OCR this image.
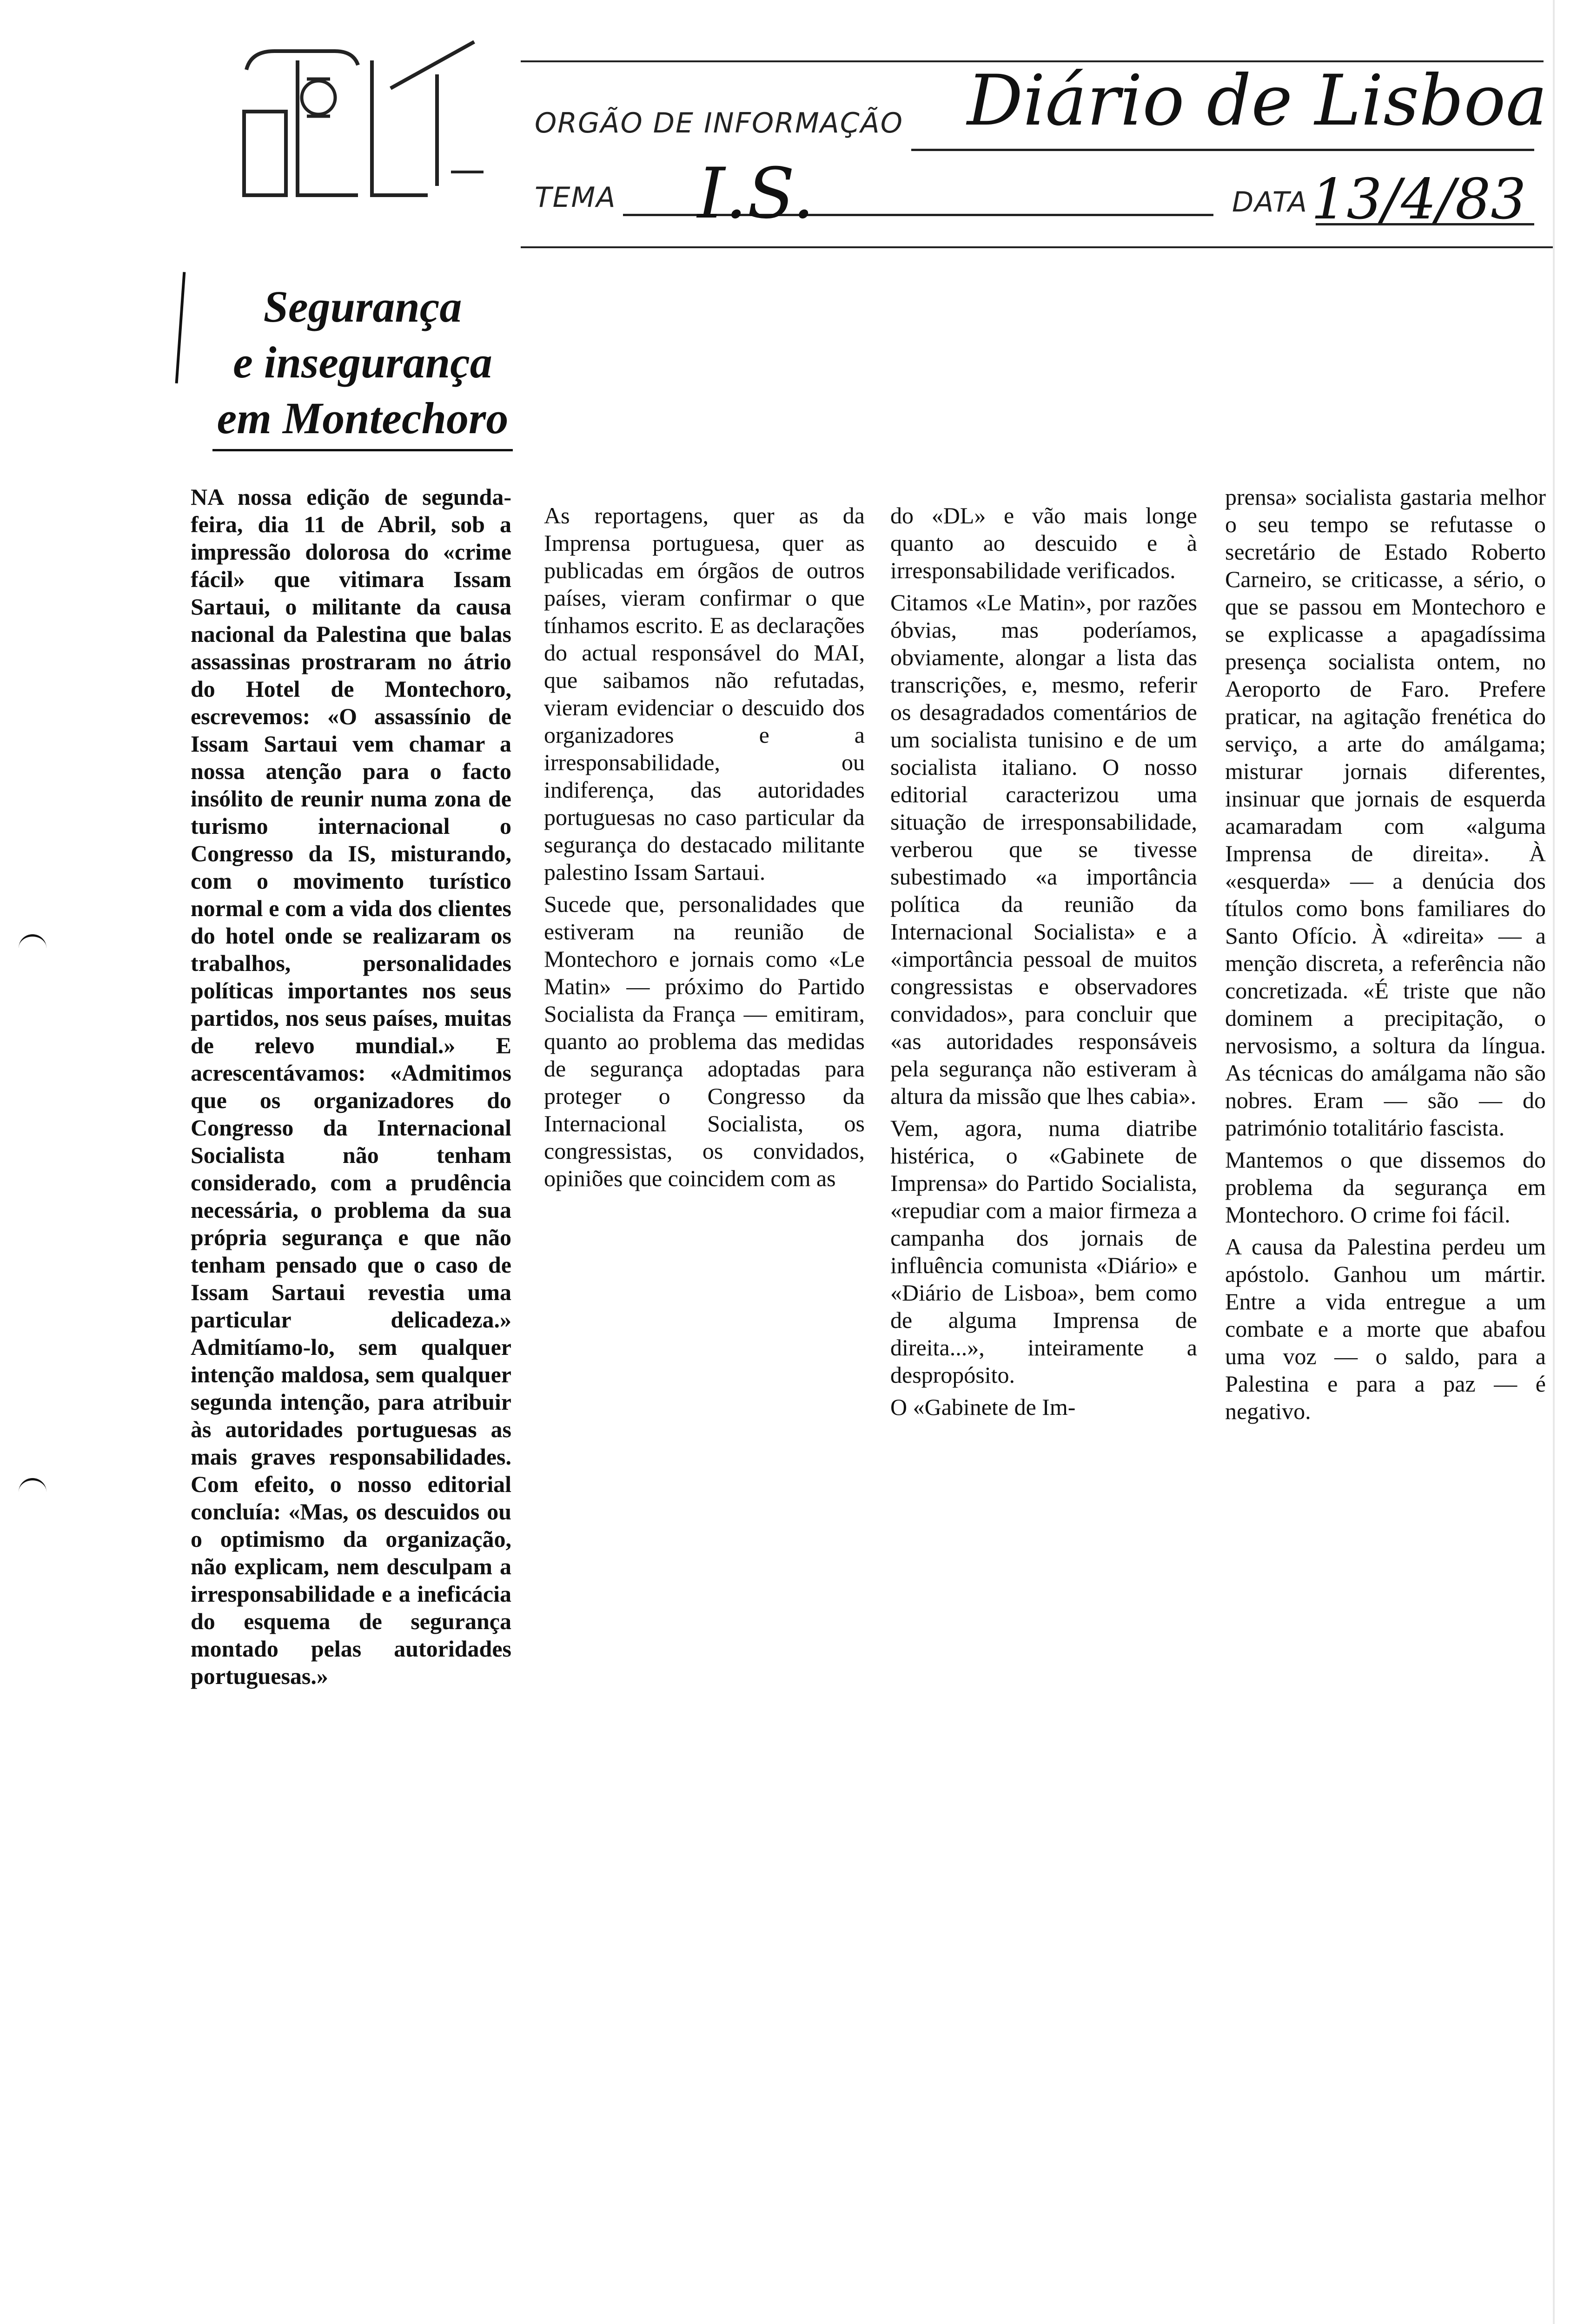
ORGÃO DE INFORMAÇÃO Diário de Lisboa
TEMA I.S.	DATA 13/4/83
Segurança
e insegurança
em Montechoro

NA nossa edição de segunda-feira, dia 11 de Abril, sob a impressão dolorosa do «crime fácil» que vitimara Issam Sartaui, o militante da causa nacional da Palestina que balas assassinas prostraram no átrio do Hotel de Montechoro, escrevemos: «O assassínio de Issam Sartaui vem chamar a nossa atenção para o facto insólito de reunir numa zona de turismo internacional o Congresso da IS, misturando, com o movimento turístico normal e com a vida dos clientes do hotel onde se realizaram os trabalhos, personalidades políticas importantes nos seus partidos, nos seus países, muitas de relevo mundial.» E acrescentávamos: «Admitimos que os organizadores do Congresso da Internacional Socialista não tenham considerado, com a prudência necessária, o problema da sua própria segurança e que não tenham pensado que o caso de Issam Sartaui revestia uma particular delicadeza.» Admitíamo-lo, sem qualquer intenção maldosa, sem qualquer segunda intenção, para atribuir às autoridades portuguesas as mais graves responsabilidades. Com efeito, o nosso editorial concluía: «Mas, os descuidos ou o optimismo da organização, não explicam, nem desculpam a irresponsabilidade e a ineficácia do esquema de segurança montado pelas autoridades portuguesas.»

As reportagens, quer as da Imprensa portuguesa, quer as publicadas em órgãos de outros países, vieram confirmar o que tínhamos escrito. E as declarações do actual responsável do MAI, que saibamos não refutadas, vieram evidenciar o descuido dos organizadores e a irresponsabilidade, ou indiferença, das autoridades portuguesas no caso particular da segurança do destacado militante palestino Issam Sartaui.

Sucede que, personalidades que estiveram na reunião de Montechoro e jornais como «Le Matin» — próximo do Partido Socialista da França — emitiram, quanto ao problema das medidas de segurança adoptadas para proteger o Congresso da Internacional Socialista, os congressistas, os convidados, opiniões que coincidem com as

do «DL» e vão mais longe quanto ao descuido e à irresponsabilidade verificados.

Citamos «Le Matin», por razões óbvias, mas poderíamos, obviamente, alongar a lista das transcrições, e, mesmo, referir os desagradados comentários de um socialista tunisino e de um socialista italiano. O nosso editorial caracterizou uma situação de irresponsabilidade, verberou que se tivesse subestimado «a importância política da reunião da Internacional Socialista» e a «importância pessoal de muitos congressistas e observadores convidados», para concluir que «as autoridades responsáveis pela segurança não estiveram à altura da missão que lhes cabia».

Vem, agora, numa diatribe histérica, o «Gabinete de Imprensa» do Partido Socialista, «repudiar com a maior firmeza a campanha dos jornais de influência comunista «Diário» e «Diário de Lisboa», bem como de alguma Imprensa de direita...», inteiramente a despropósito.

O «Gabinete de Im-

prensa» socialista gastaria melhor o seu tempo se refutasse o secretário de Estado Roberto Carneiro, se criticasse, a sério, o que se passou em Montechoro e se explicasse a apagadíssima presença socialista ontem, no Aeroporto de Faro. Prefere praticar, na agitação frenética do serviço, a arte do amálgama; misturar jornais diferentes, insinuar que jornais de esquerda acamaradam com «alguma Imprensa de direita». À «esquerda» — a denúcia dos títulos como bons familiares do Santo Ofício. À «direita» — a menção discreta, a referência não concretizada. «É triste que não dominem a precipitação, o nervosismo, a soltura da língua. As técnicas do amálgama não são nobres. Eram — são — do património totalitário fascista.

Mantemos o que dissemos do problema da segurança em Montechoro. O crime foi fácil.

A causa da Palestina perdeu um apóstolo. Ganhou um mártir. Entre a vida entregue a um combate e a morte que abafou uma voz — o saldo, para a Palestina e para a paz — é negativo.
